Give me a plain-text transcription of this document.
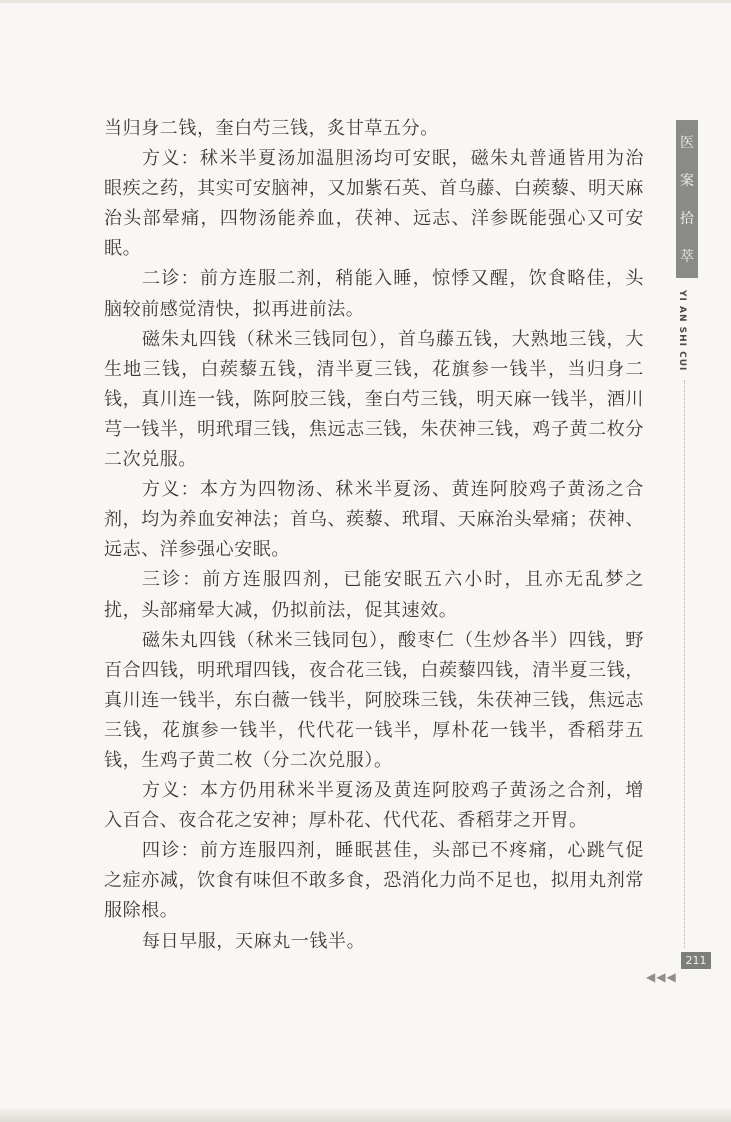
当归身二钱，奎白芍三钱，炙甘草五分。

方义：秫米半夏汤加温胆汤均可安眠，磁朱丸普通皆用为治眼疾之药，其实可安脑神，又加紫石英、首乌藤、白蒺藜、明天麻治头部晕痛，四物汤能养血，茯神、远志、洋参既能强心又可安眠。

二诊：前方连服二剂，稍能入睡，惊悸又醒，饮食略佳，头脑较前感觉清快，拟再进前法。

磁朱丸四钱（秫米三钱同包），首乌藤五钱，大熟地三钱，大生地三钱，白蒺藜五钱，清半夏三钱，花旗参一钱半，当归身二钱，真川连一钱，陈阿胶三钱，奎白芍三钱，明天麻一钱半，酒川芎一钱半，明玳瑁三钱，焦远志三钱，朱茯神三钱，鸡子黄二枚分二次兑服。

方义：本方为四物汤、秫米半夏汤、黄连阿胶鸡子黄汤之合剂，均为养血安神法；首乌、蒺藜、玳瑁、天麻治头晕痛；茯神、远志、洋参强心安眠。

三诊：前方连服四剂，已能安眠五六小时，且亦无乱梦之扰，头部痛晕大减，仍拟前法，促其速效。

磁朱丸四钱（秫米三钱同包），酸枣仁（生炒各半）四钱，野百合四钱，明玳瑁四钱，夜合花三钱，白蒺藜四钱，清半夏三钱，真川连一钱半，东白薇一钱半，阿胶珠三钱，朱茯神三钱，焦远志三钱，花旗参一钱半，代代花一钱半，厚朴花一钱半，香稻芽五钱，生鸡子黄二枚（分二次兑服）。

方义：本方仍用秫米半夏汤及黄连阿胶鸡子黄汤之合剂，增入百合、夜合花之安神；厚朴花、代代花、香稻芽之开胃。

四诊：前方连服四剂，睡眠甚佳，头部已不疼痛，心跳气促之症亦减，饮食有味但不敢多食，恐消化力尚不足也，拟用丸剂常服除根。

每日早服，天麻丸一钱半。

医
案
拾
萃
YI AN SHI CUI
211
◀◀◀
